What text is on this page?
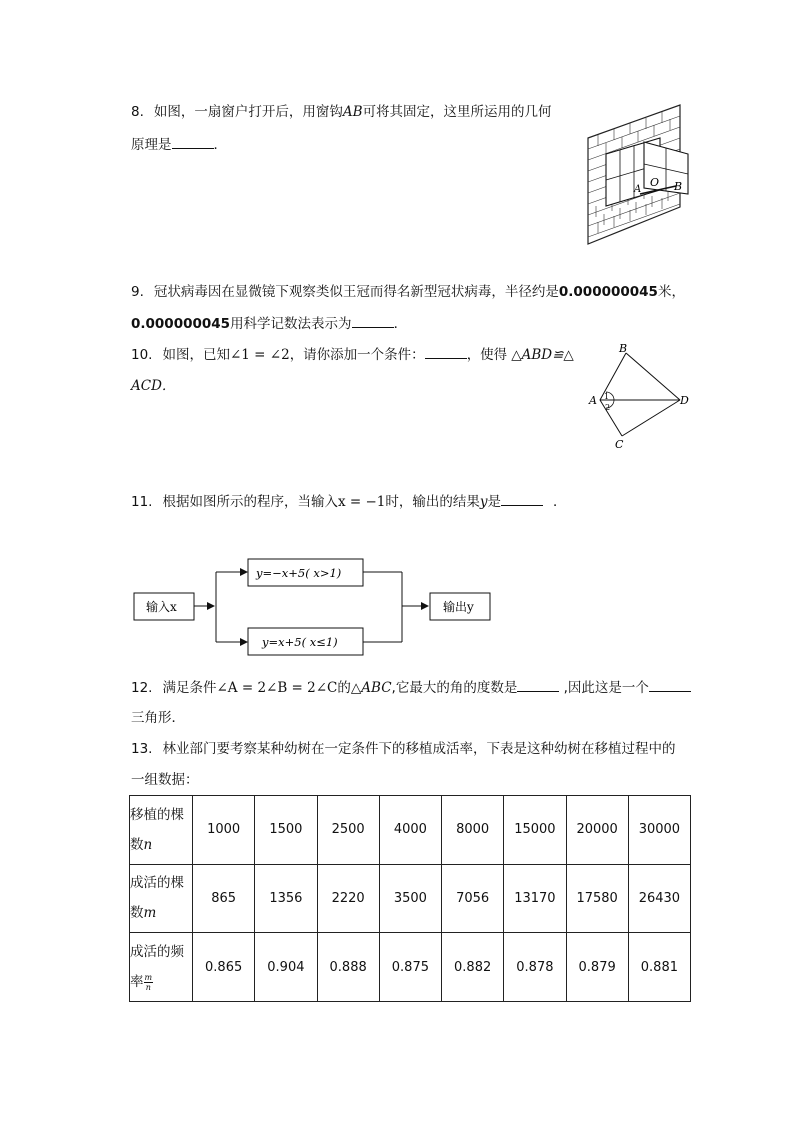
8. 如图，一扇窗户打开后，用窗钩AB可将其固定，这里所运用的几何
原理是	．
A
O B
9. 冠状病毒因在显微镜下观察类似王冠而得名新型冠状病毒，半径约是0.000000045米，
0.000000045用科学记数法表示为	．
10. 如图，已知∠1 = ∠2，请你添加一个条件：	，使得 △ABD≌△
ACD．
B
A	D
C
1
2
11. 根据如图所示的程序，当输入x = −1时，输出的结果y是	．
输入x
y=−x+5( x>1)
y=x+5( x≤1)
输出y
12. 满足条件∠A = 2∠B = 2∠C的△ABC,它最大的角的度数是	,因此这是一个
三角形．
13. 林业部门要考察某种幼树在一定条件下的移植成活率，下表是这种幼树在移植过程中的
一组数据：
移植的棵
数n	1000	1500	2500	4000	8000	15000	20000	30000
成活的棵
数m	865	1356	2220	3500	7056	13170	17580	26430
成活的频
率 $\frac{m}{n}$	0.865	0.904	0.888	0.875	0.882	0.878	0.879	0.881
